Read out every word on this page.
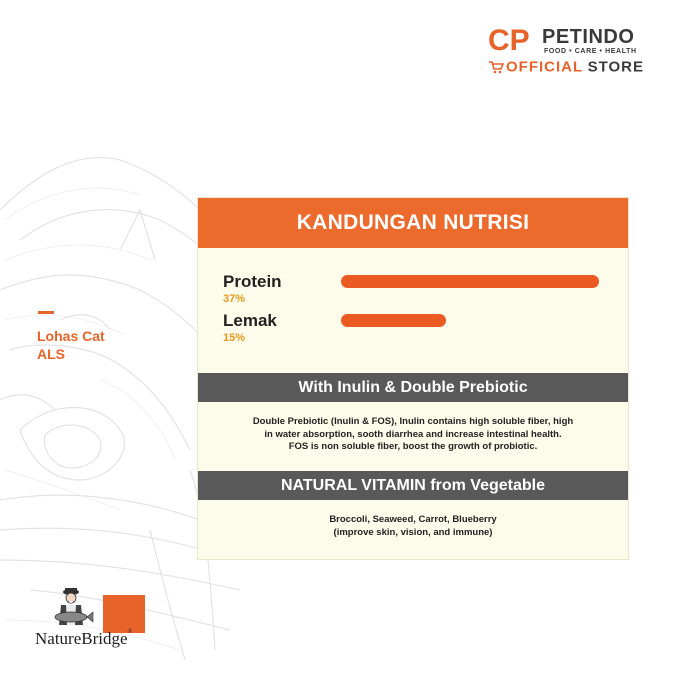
CP PETINDO
FOOD • CARE • HEALTH
OFFICIAL STORE
Lohas Cat
ALS
KANDUNGAN NUTRISI
Protein
37%
Lemak
15%
With Inulin & Double Prebiotic
Double Prebiotic (Inulin & FOS), Inulin contains high soluble fiber, high
in water absorption, sooth diarrhea and increase intestinal health.
FOS is non soluble fiber, boost the growth of probiotic.
NATURAL VITAMIN from Vegetable
Broccoli, Seaweed, Carrot, Blueberry
(improve skin, vision, and immune)
NatureBridge®
